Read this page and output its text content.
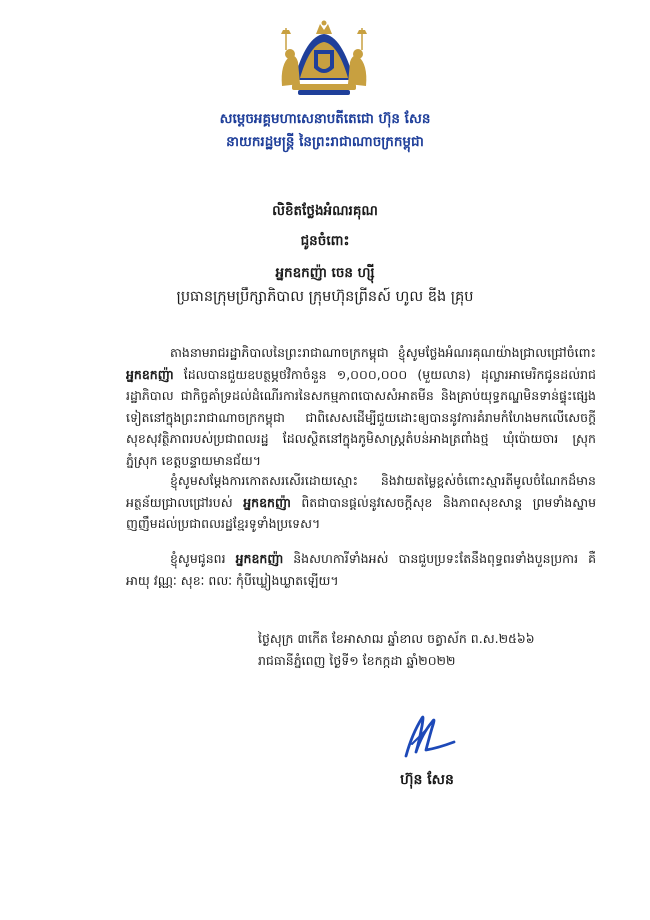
សម្តេចអគ្គមហាសេនាបតីតេជោ ហ៊ុន សែន
នាយករដ្ឋមន្ត្រី នៃព្រះរាជាណាចក្រកម្ពុជា
លិខិតថ្លែងអំណរគុណ
ជូនចំពោះ
អ្នកឧកញ៉ា ចេន ហ្ស៊ី
ប្រធានក្រុមប្រឹក្សាភិបាល ក្រុមហ៊ុនព្រីនស៍ ហូល ឌីង គ្រុប

តាងនាមរាជរដ្ឋាភិបាលនៃព្រះរាជាណាចក្រកម្ពុជា ខ្ញុំសូមថ្លែងអំណរគុណយ៉ាងជ្រាលជ្រៅចំពោះ អ្នកឧកញ៉ា ដែលបានជួយឧបត្ថម្ភថវិកាចំនួន ១,០០០,០០០ (មួយលាន) ដុល្លារអាមេរិកជូនដល់រាជរដ្ឋាភិបាល ជាកិច្ចគាំទ្រដល់ដំណើរការនៃសកម្មភាពបោសសំអាតមីន និងគ្រាប់យុទ្ធភណ្ឌមិនទាន់ផ្ទុះផ្សេងទៀតនៅក្នុងព្រះរាជាណាចក្រកម្ពុជា ជាពិសេសដើម្បីជួយដោះឲ្យបាននូវការគំរាមកំហែងមកលើសេចក្តីសុខសុវត្ថិភាពរបស់ប្រជាពលរដ្ឋ ដែលស្ថិតនៅក្នុងភូមិសាស្ត្រតំបន់អាងត្រពាំងថ្ម ឃុំប៉ោយចារ ស្រុកភ្នំស្រុក ខេត្តបន្ទាយមានជ័យ។

ខ្ញុំសូមសម្តែងការកោតសរសើរដោយស្មោះ និងវាយតម្លៃខ្ពស់ចំពោះស្មារតីមូលចំណែកដ៏មានអត្ថន័យជ្រាលជ្រៅរបស់ អ្នកឧកញ៉ា ពិតជាបានផ្តល់នូវសេចក្តីសុខ និងភាពសុខសាន្ត ព្រមទាំងស្នាមញញឹមដល់ប្រជាពលរដ្ឋខ្មែរទូទាំងប្រទេស។

ខ្ញុំសូមជូនពរ អ្នកឧកញ៉ា និងសហការីទាំងអស់ បានជួបប្រទះតែនឹងពុទ្ធពរទាំងបួនប្រការ គឺ អាយុ វណ្ណៈ សុខៈ ពលៈ កុំបីឃ្លៀងឃ្លាតឡើយ។

ថ្ងៃសុក្រ ៣កើត ខែអាសាឍ ឆ្នាំខាល ចត្វាស័ក ព.ស.២៥៦៦
រាជធានីភ្នំពេញ ថ្ងៃទី១ ខែកក្កដា ឆ្នាំ២០២២
ហ៊ុន សែន
